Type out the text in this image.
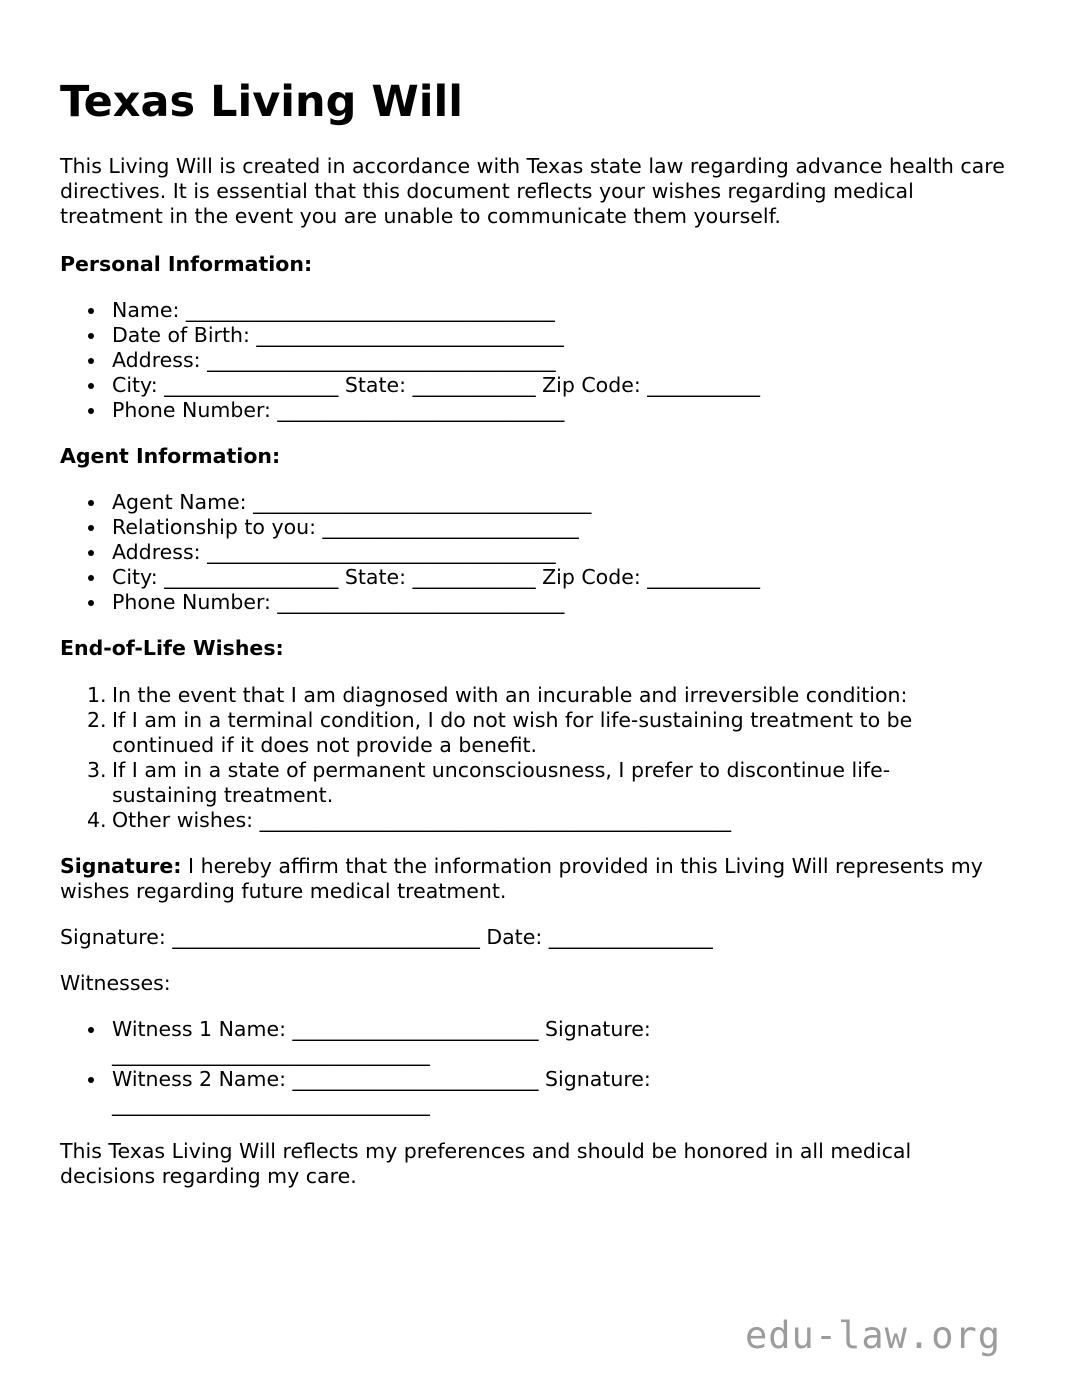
Texas Living Will
This Living Will is created in accordance with Texas state law regarding advance health care directives. It is essential that this document reflects your wishes regarding medical treatment in the event you are unable to communicate them yourself.
Personal Information:
Name: ____________________________________
Date of Birth: ______________________________
Address: __________________________________
City: _________________ State: ____________ Zip Code: ___________
Phone Number: ____________________________
Agent Information:
Agent Name: _________________________________
Relationship to you: _________________________
Address: __________________________________
City: _________________ State: ____________ Zip Code: ___________
Phone Number: ____________________________
End-of-Life Wishes:
1. In the event that I am diagnosed with an incurable and irreversible condition:
2. If I am in a terminal condition, I do not wish for life-sustaining treatment to be continued if it does not provide a benefit.
3. If I am in a state of permanent unconsciousness, I prefer to discontinue life-sustaining treatment.
4. Other wishes: ______________________________________________
Signature: I hereby affirm that the information provided in this Living Will represents my wishes regarding future medical treatment.
Signature: ______________________________ Date: ________________
Witnesses:
Witness 1 Name: ________________________ Signature: _______________________________
Witness 2 Name: ________________________ Signature: _______________________________
This Texas Living Will reflects my preferences and should be honored in all medical decisions regarding my care.
edu-law.org
